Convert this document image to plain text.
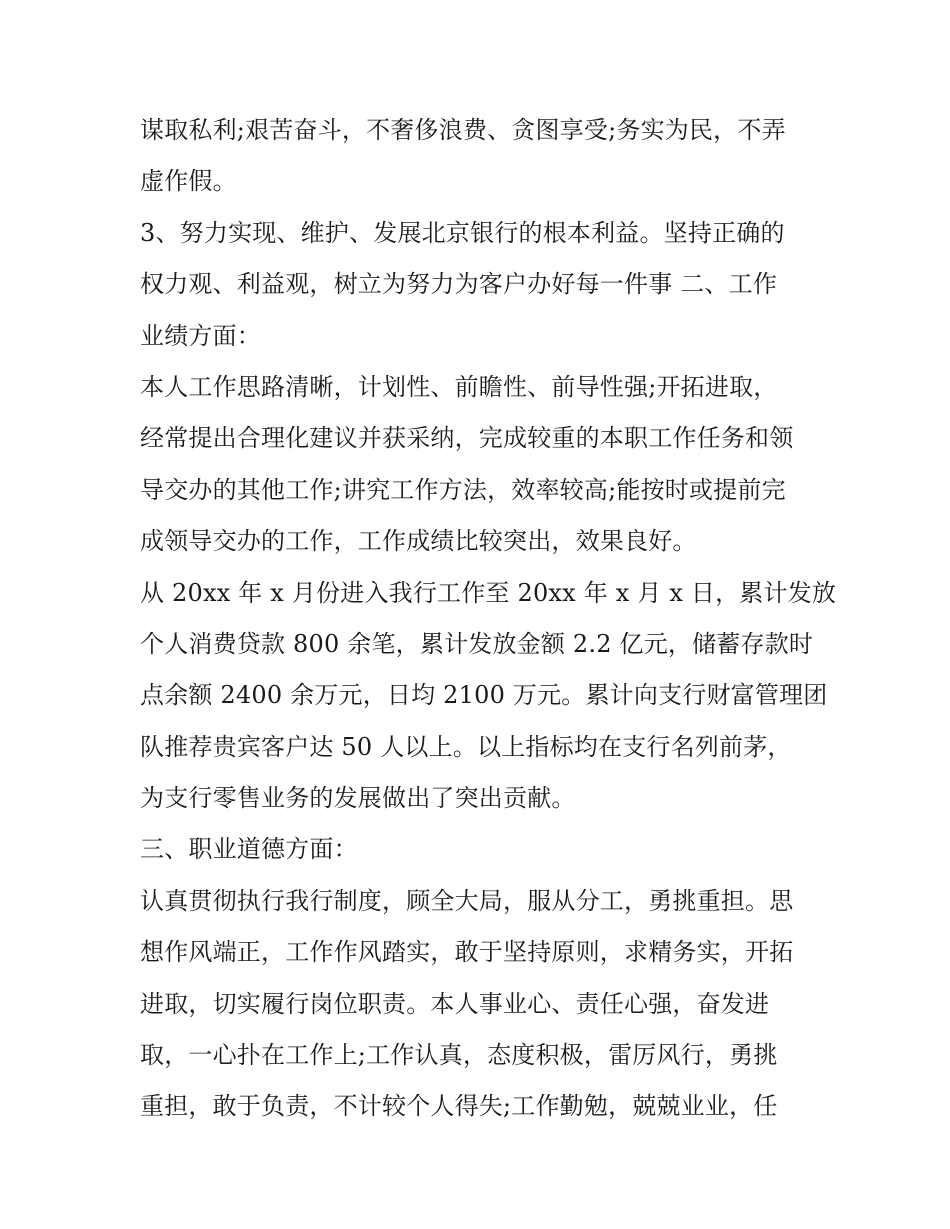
谋取私利;艰苦奋斗，不奢侈浪费、贪图享受;务实为民，不弄
虚作假。
3、努力实现、维护、发展北京银行的根本利益。坚持正确的
权力观、利益观，树立为努力为客户办好每一件事 二、工作
业绩方面：
本人工作思路清晰，计划性、前瞻性、前导性强;开拓进取，
经常提出合理化建议并获采纳，完成较重的本职工作任务和领
导交办的其他工作;讲究工作方法，效率较高;能按时或提前完
成领导交办的工作，工作成绩比较突出，效果良好。
从 20xx 年 x 月份进入我行工作至 20xx 年 x 月 x 日，累计发放
个人消费贷款 800 余笔，累计发放金额 2.2 亿元，储蓄存款时
点余额 2400 余万元，日均 2100 万元。累计向支行财富管理团
队推荐贵宾客户达 50 人以上。以上指标均在支行名列前茅，
为支行零售业务的发展做出了突出贡献。
三、职业道德方面：
认真贯彻执行我行制度，顾全大局，服从分工，勇挑重担。思
想作风端正，工作作风踏实，敢于坚持原则，求精务实，开拓
进取，切实履行岗位职责。本人事业心、责任心强，奋发进
取，一心扑在工作上;工作认真，态度积极，雷厉风行，勇挑
重担，敢于负责，不计较个人得失;工作勤勉，兢兢业业，任
